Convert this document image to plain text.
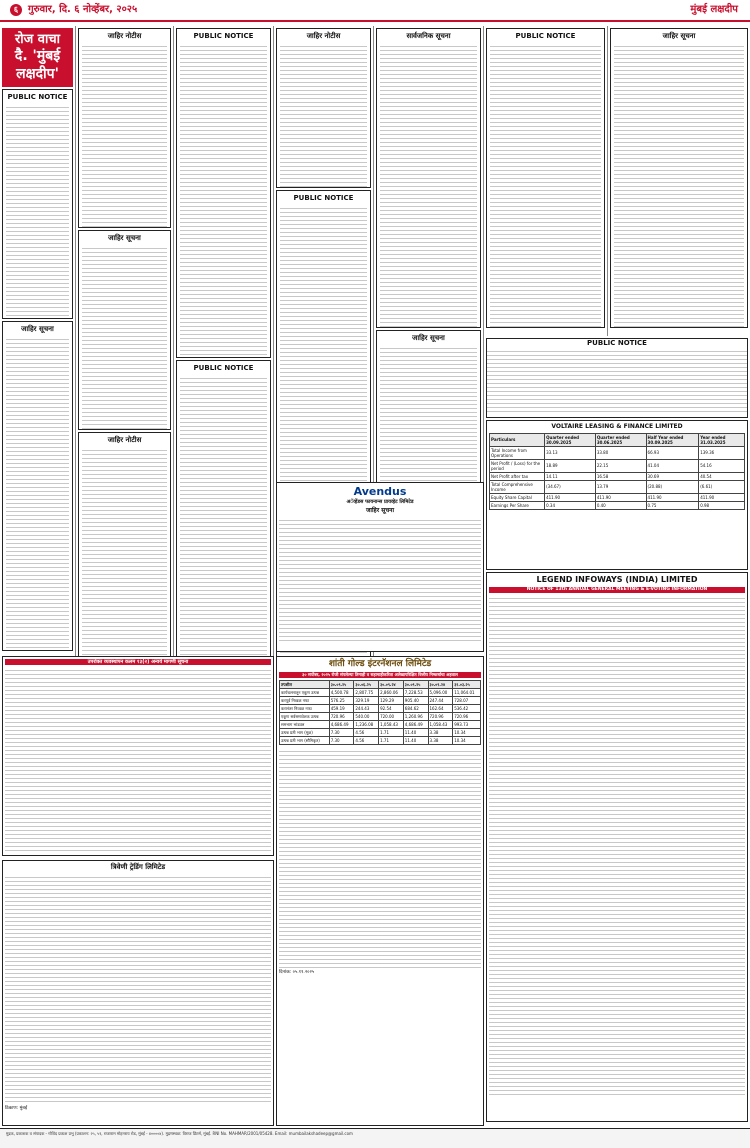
६ गुरुवार, दि. ६ नोव्हेंबर, २०२५	मुंबई लक्षदीप
रोज वाचा
दै. 'मुंबई लक्षदीप'
PUBLIC NOTICE
जाहिर सूचना
जाहिर नोटीस
जाहिर सूचना
जाहिर नोटीस
PUBLIC NOTICE
PUBLIC NOTICE
जाहिर नोटीस
PUBLIC NOTICE
सार्वजनिक सूचना
जाहिर सूचना
PUBLIC NOTICE	जाहिर सूचना
PUBLIC NOTICE
VOLTAIRE LEASING & FINANCE LIMITED
Particulars	Quarter ended 30.09.2025	Quarter ended 30.06.2025	Half Year ended 30.09.2025	Year ended 31.03.2025
Total Income from Operations	33.13	33.80	66.93	139.36
Net Profit / (Loss) for the period	18.89	22.15	41.04	54.16
Net Profit after tax	14.11	16.58	30.69	40.54
Total Comprehensive Income	(34.67)	13.79	(20.88)	(6.61)
Equity Share Capital	411.90	411.90	411.90	411.90
Earnings Per Share	0.34	0.40	0.75	0.98
LEGEND INFOWAYS (INDIA) LIMITED
NOTICE OF 13th ANNUAL GENERAL MEETING & E-VOTING INFORMATION
Avendus
अॅव्हेंडस फायनान्स प्रायव्हेट लिमिटेड
जाहिर सूचना
उपरोक्त व्यवस्थापन कलम १३(२) अन्वये मागणी सूचना
त्रिवेणी ट्रेडिंग लिमिटेड
ठिकाण: मुंबई
शांती गोल्ड इंटरनॅशनल लिमिटेड
३० सप्टेंबर, २०२५ रोजी संपलेल्या तिमाही व सहामाहीकरिता अलेखापरिक्षित वित्तीय निष्कर्षाचा अहवाल
तपशील	३०.०९.२५	३०.०६.२५	३०.०९.२४	३०.०९.२५	३०.०९.२४	३१.०३.२५
कार्यचलनातून एकूण उत्पन्न	4,500.78	2,807.75	2,860.06	7,228.53	5,096.00	11,064.01
करपूर्व निव्वळ नफा	576.25	329.19	129.29	905.40	247.44	728.07
करानंतर निव्वळ नफा	459.19	244.43	92.54	684.62	162.64	536.42
एकूण सर्वसमावेशक उत्पन्न	720.96	540.00	720.00	1,260.96	720.96	720.96
समभाग भांडवल	4,686.49	1,236.08	1,058.43	4,686.49	1,058.43	993.73
उत्पन्न प्रती भाग (मूळ)	7.30	4.56	1.71	11.40	3.38	10.34
उत्पन्न प्रती भाग (सौमिकृत)	7.30	4.56	1.71	11.40	3.38	10.34
दिनांक: ०५.११.२०२५
मुद्रक, प्रकाशक व संपादक - गोविंद प्रकाश प्रभू (प्रकाशन: २५, ५१, राजाराम मोहनराय रोड, मुंबई - ४००००४). मुद्रणस्थळ: विराज प्रिंटर्स, मुंबई. RNI No. MAHMAR/2001/05428. Email: mumbailakshadeep@gmail.com
